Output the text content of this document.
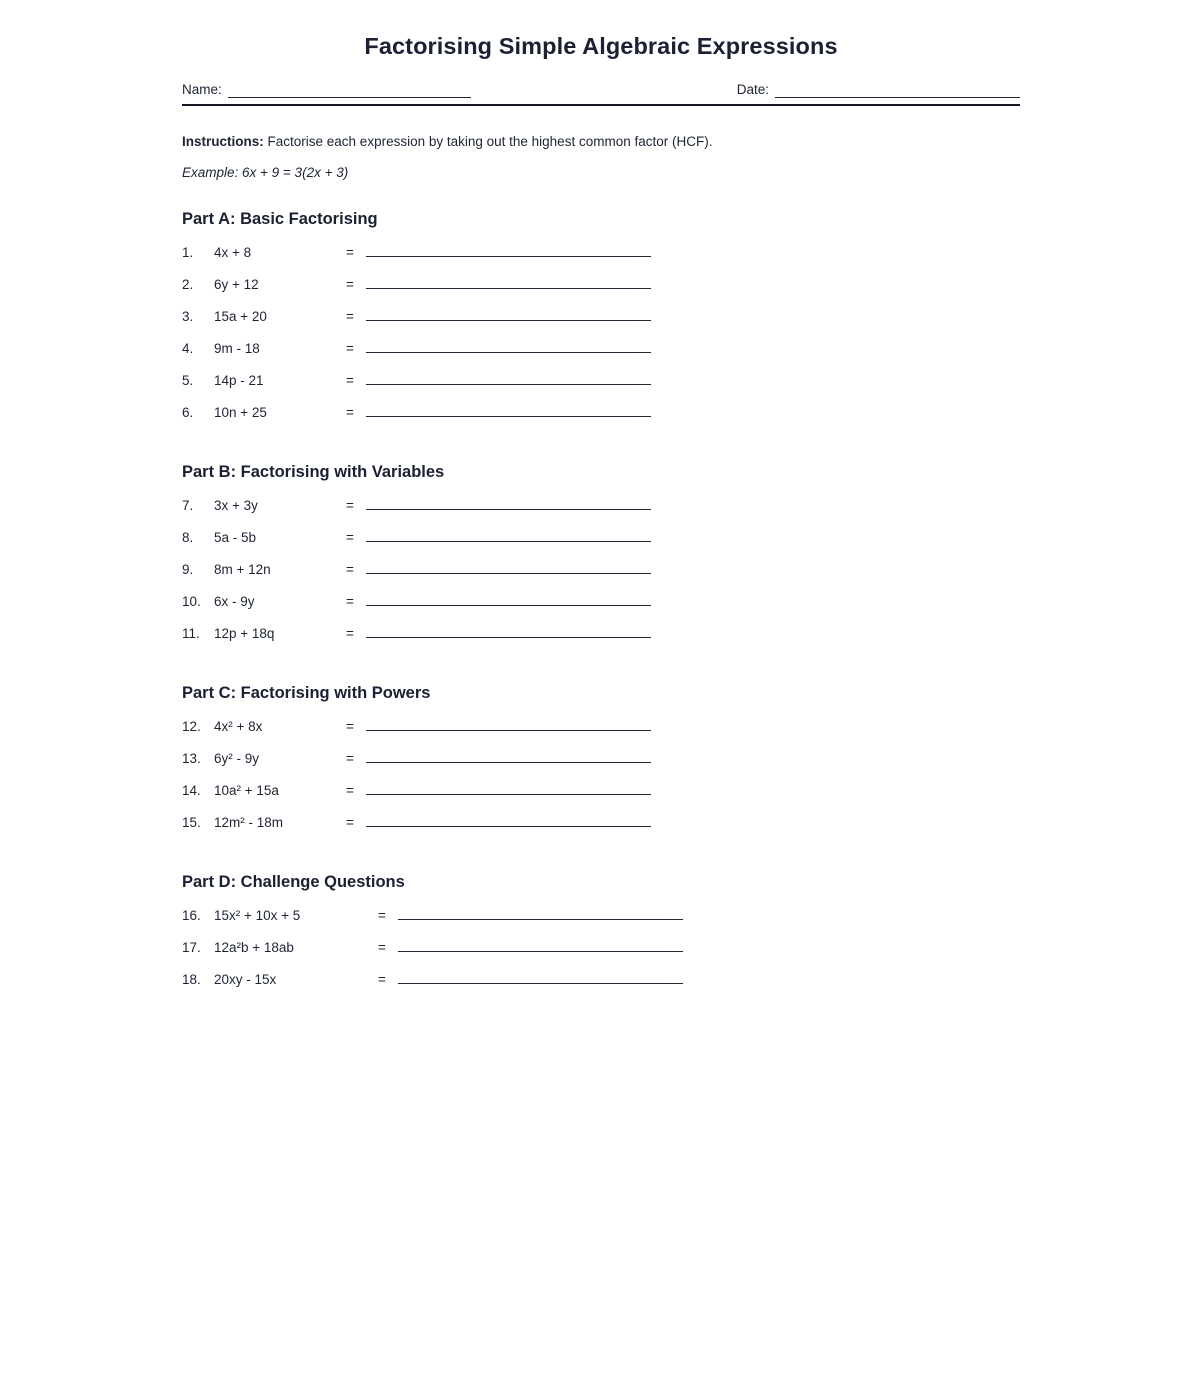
Factorising Simple Algebraic Expressions
Name:	Date:

Instructions: Factorise each expression by taking out the highest common factor (HCF).

Example: 6x + 9 = 3(2x + 3)

Part A: Basic Factorising
1.	4x + 8	=
2.	6y + 12	=
3.	15a + 20	=
4.	9m - 18	=
5.	14p - 21	=
6.	10n + 25	=
Part B: Factorising with Variables
7.	3x + 3y	=
8.	5a - 5b	=
9.	8m + 12n	=
10. 6x - 9y	=
11.	12p + 18q	=
Part C: Factorising with Powers
12. 4x² + 8x	=
13. 6y² - 9y	=
14. 10a² + 15a	=
15. 12m² - 18m	=
Part D: Challenge Questions
16. 15x² + 10x + 5	=
17. 12a²b + 18ab	=
18. 20xy - 15x	=
